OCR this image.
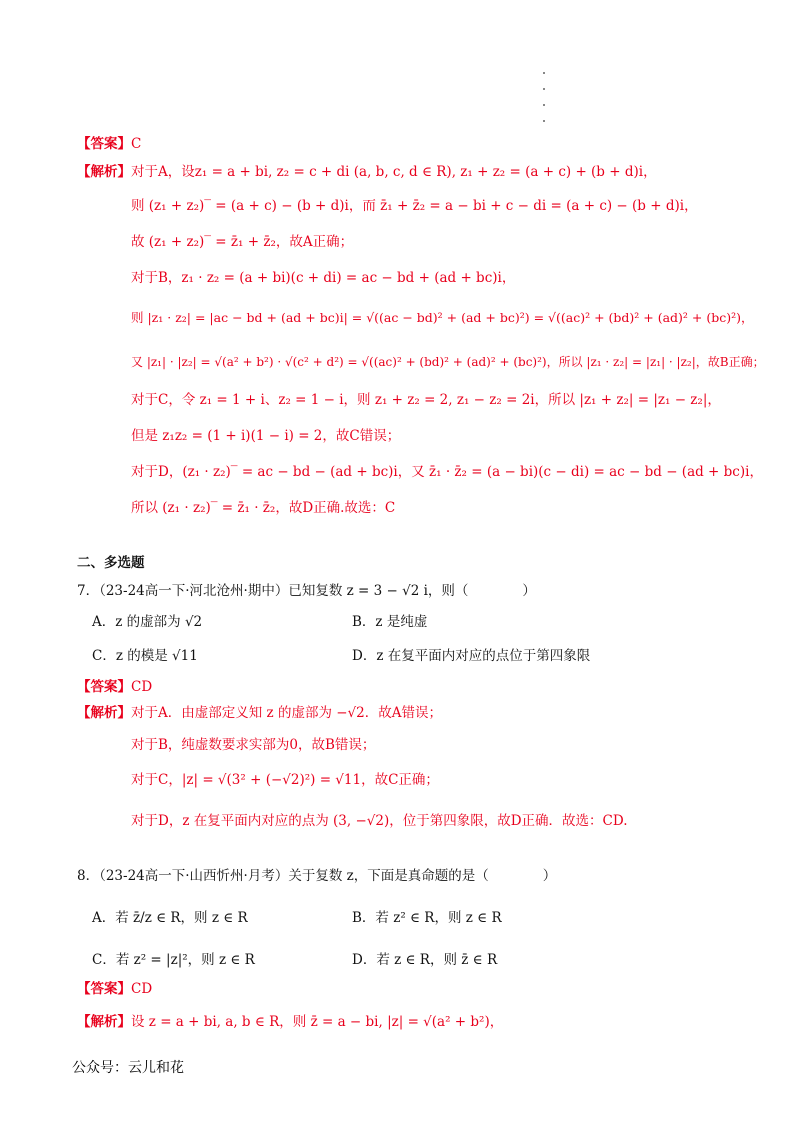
【答案】C
【解析】对于A，设z₁ = a + bi, z₂ = c + di (a, b, c, d ∈ R), z₁ + z₂ = (a + c) + (b + d)i，
则 (z₁ + z₂)‾ = (a + c) − (b + d)i，而 z̄₁ + z̄₂ = a − bi + c − di = (a + c) − (b + d)i，
故 (z₁ + z₂)‾ = z̄₁ + z̄₂，故A正确；
对于B，z₁ · z₂ = (a + bi)(c + di) = ac − bd + (ad + bc)i，
则 |z₁ · z₂| = |ac − bd + (ad + bc)i| = √((ac − bd)² + (ad + bc)²) = √((ac)² + (bd)² + (ad)² + (bc)²)，
又 |z₁| · |z₂| = √(a² + b²) · √(c² + d²) = √((ac)² + (bd)² + (ad)² + (bc)²)，所以 |z₁ · z₂| = |z₁| · |z₂|，故B正确；
对于C，令 z₁ = 1 + i、z₂ = 1 − i，则 z₁ + z₂ = 2, z₁ − z₂ = 2i，所以 |z₁ + z₂| = |z₁ − z₂|，
但是 z₁z₂ = (1 + i)(1 − i) = 2，故C错误；
对于D，(z₁ · z₂)‾ = ac − bd − (ad + bc)i，又 z̄₁ · z̄₂ = (a − bi)(c − di) = ac − bd − (ad + bc)i，
所以 (z₁ · z₂)‾ = z̄₁ · z̄₂，故D正确.故选：C
二、多选题
7．（23-24高一下·河北沧州·期中）已知复数 z = 3 − √2 i，则（　　　　）
A．z 的虚部为 √2	B．z 是纯虚
C．z 的模是 √11	D．z 在复平面内对应的点位于第四象限
【答案】CD
【解析】对于A．由虚部定义知 z 的虚部为 −√2．故A错误；
对于B，纯虚数要求实部为0，故B错误；
对于C，|z| = √(3² + (−√2)²) = √11，故C正确；
对于D，z 在复平面内对应的点为 (3, −√2)，位于第四象限，故D正确．故选：CD.
8．（23-24高一下·山西忻州·月考）关于复数 z，下面是真命题的是（　　　　）
A．若 z̄/z ∈ R，则 z ∈ R	B．若 z² ∈ R，则 z ∈ R
C．若 z² = |z|²，则 z ∈ R	D．若 z ∈ R，则 z̄ ∈ R
【答案】CD
【解析】设 z = a + bi, a, b ∈ R，则 z̄ = a − bi, |z| = √(a² + b²)，
公众号：云儿和花
